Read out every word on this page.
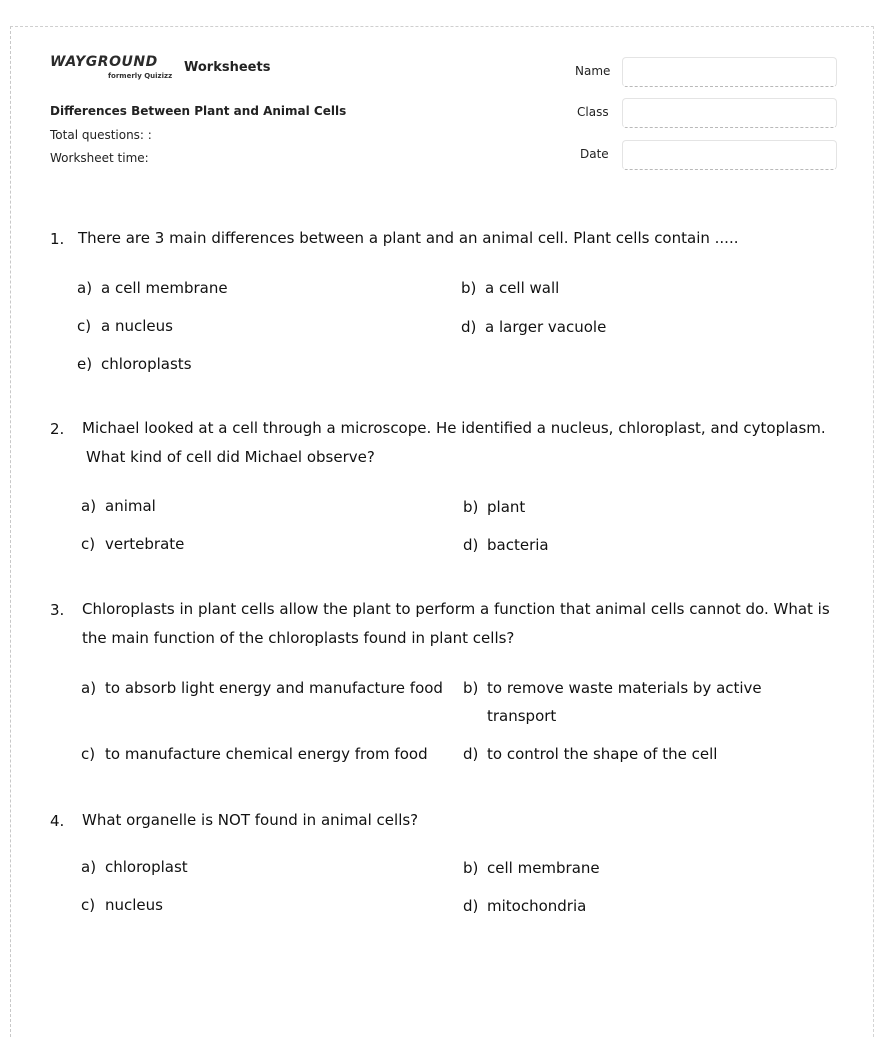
WAYGROUND
formerly Quizizz
Worksheets
Differences Between Plant and Animal Cells
Total questions: :
Worksheet time:
Name
Class
Date
1. There are 3 main differences between a plant and an animal cell. Plant cells contain .....
a) a cell membrane	b) a cell wall
c) a nucleus	d) a larger vacuole
e) chloroplasts
2. Michael looked at a cell through a microscope. He identified a nucleus, chloroplast, and cytoplasm.
What kind of cell did Michael observe?
a) animal	b) plant
c) vertebrate	d) bacteria
3. Chloroplasts in plant cells allow the plant to perform a function that animal cells cannot do. What is
the main function of the chloroplasts found in plant cells?
a) to absorb light energy and manufacture food	b) to remove waste materials by active transport
c) to manufacture chemical energy from food	d) to control the shape of the cell
4. What organelle is NOT found in animal cells?
a) chloroplast	b) cell membrane
c) nucleus	d) mitochondria
